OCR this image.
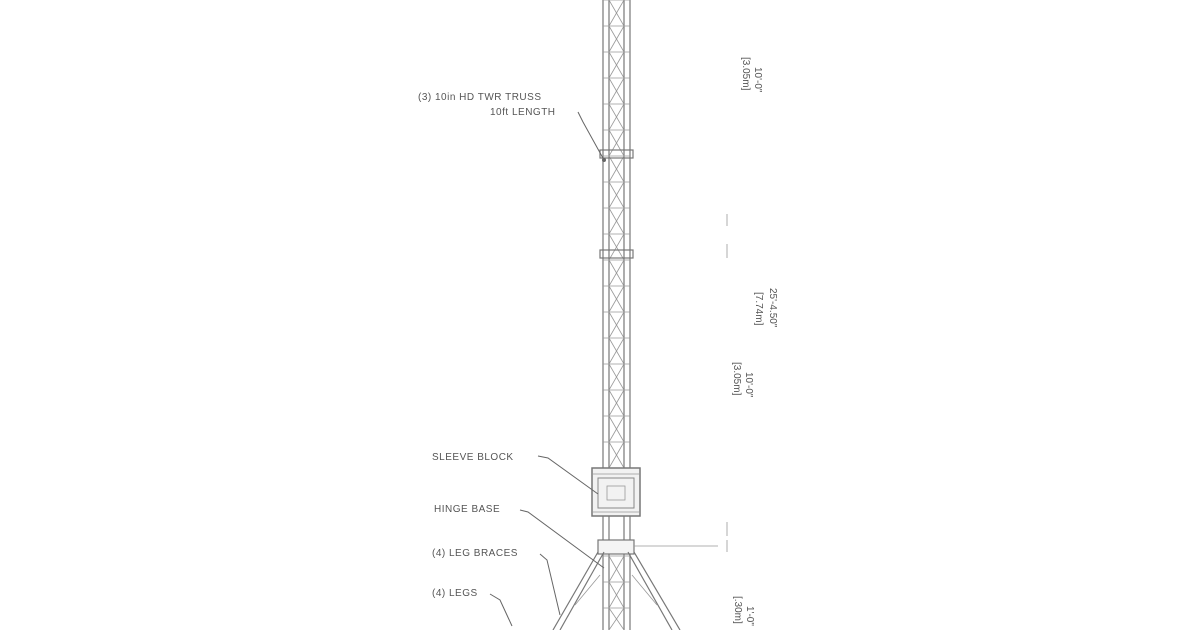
(3) 10in HD TWR TRUSS
10ft LENGTH
SLEEVE BLOCK
HINGE BASE
(4) LEG BRACES
(4) LEGS
[3.05m] 10'-0"
[3.05m] 10'-0"
[7.74m] 25'-4.50"
[.30m] 1'-0"
